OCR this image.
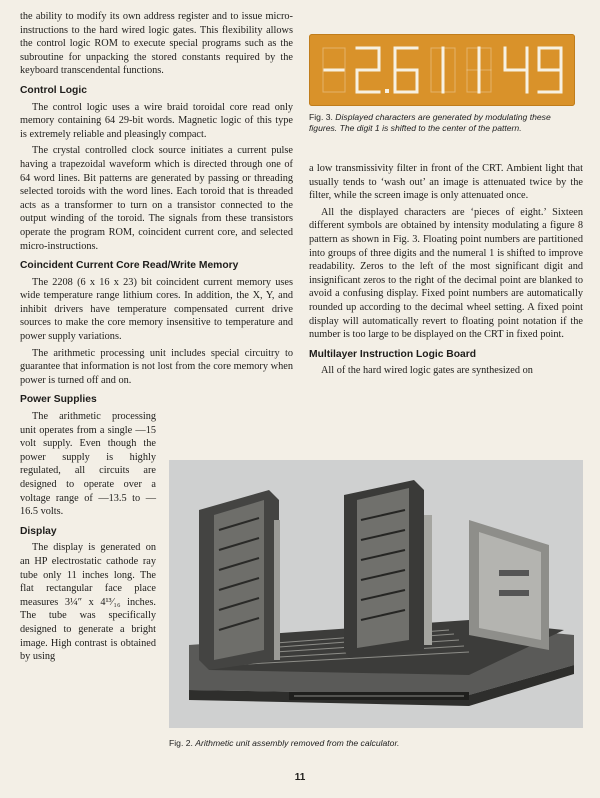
the ability to modify its own address register and to issue micro-instructions to the hard wired logic gates. This flexibility allows the control logic ROM to execute special programs such as the subroutine for unpacking the stored constants required by the keyboard transcendental functions.

Control Logic

The control logic uses a wire braid toroidal core read only memory containing 64 29-bit words. Magnetic logic of this type is extremely reliable and pleasingly compact.

The crystal controlled clock source initiates a current pulse having a trapezoidal waveform which is directed through one of 64 word lines. Bit patterns are generated by passing or threading selected toroids with the word lines. Each toroid that is threaded acts as a transformer to turn on a transistor connected to the output winding of the toroid. The signals from these transistors operate the program ROM, coincident current core, and selected micro-instructions.

Coincident Current Core Read/Write Memory

The 2208 (6 x 16 x 23) bit coincident current memory uses wide temperature range lithium cores. In addition, the X, Y, and inhibit drivers have temperature compensated current drive sources to make the core memory insensitive to temperature and power supply variations.

The arithmetic processing unit includes special circuitry to guarantee that information is not lost from the core memory when power is turned off and on.

Power Supplies

The arithmetic processing unit operates from a single —15 volt supply. Even though the power supply is highly regulated, all circuits are designed to operate over a voltage range of —13.5 to —16.5 volts.

Display

The display is generated on an HP electrostatic cathode ray tube only 11 inches long. The flat rectangular face place measures 3¼″ x 4¹³⁄₁₆ inches. The tube was specifically designed to generate a bright image. High contrast is obtained by using

Fig. 3. Displayed characters are generated by modulating these figures. The digit 1 is shifted to the center of the pattern.

a low transmissivity filter in front of the CRT. Ambient light that usually tends to ‘wash out’ an image is attenuated twice by the filter, while the screen image is only attenuated once.

All the displayed characters are ‘pieces of eight.’ Sixteen different symbols are obtained by intensity modulating a figure 8 pattern as shown in Fig. 3. Floating point numbers are partitioned into groups of three digits and the numeral 1 is shifted to improve readability. Zeros to the left of the most significant digit and insignificant zeros to the right of the decimal point are blanked to avoid a confusing display. Fixed point numbers are automatically rounded up according to the decimal wheel setting. A fixed point display will automatically revert to floating point notation if the number is too large to be displayed on the CRT in fixed point.

Multilayer Instruction Logic Board

All of the hard wired logic gates are synthesized on

Fig. 2. Arithmetic unit assembly removed from the calculator.
11
